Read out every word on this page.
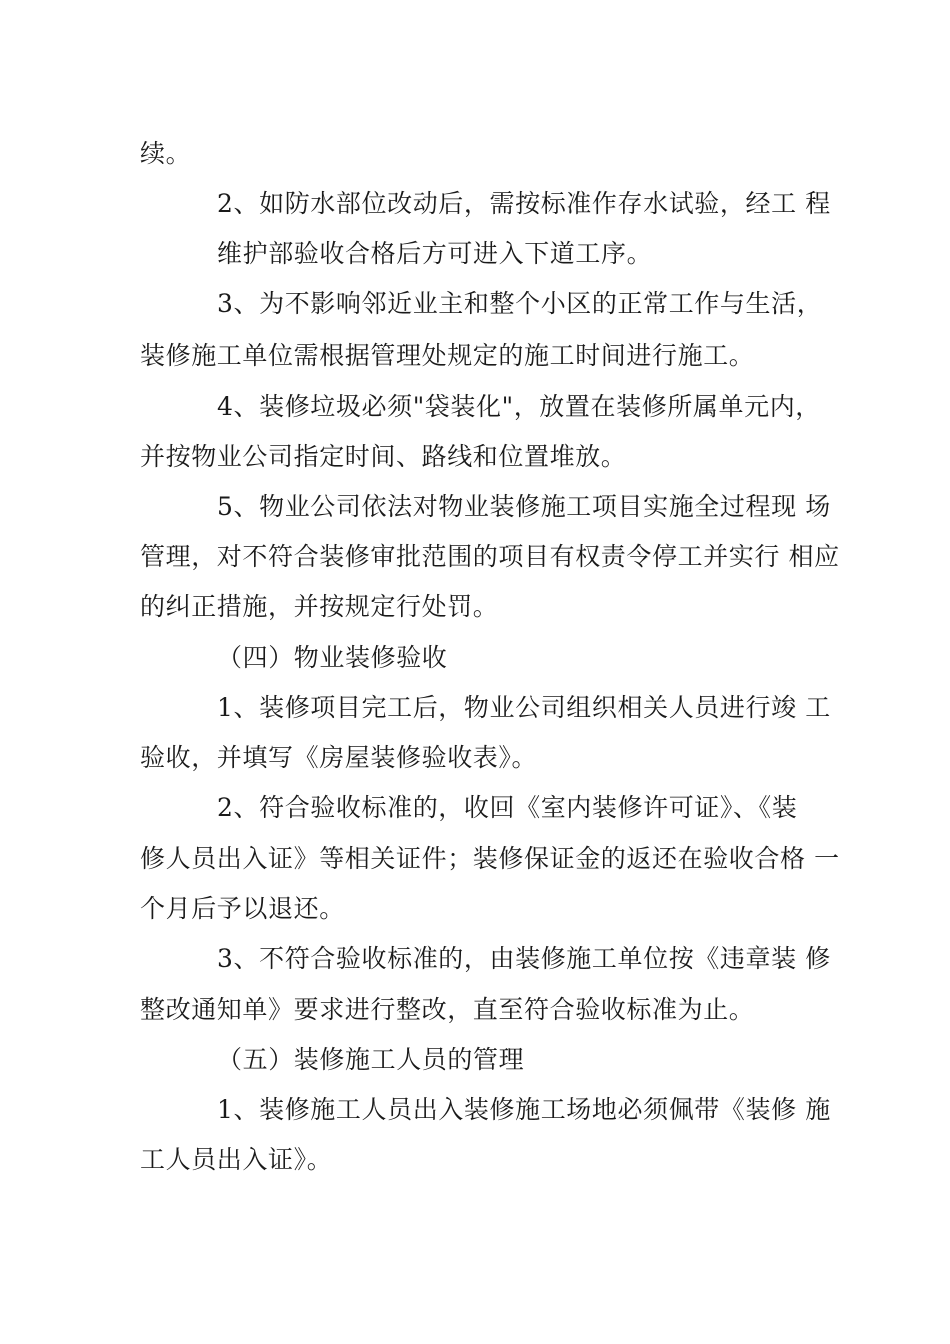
续。
2、如防水部位改动后，需按标准作存水试验，经工 程
维护部验收合格后方可进入下道工序。
3、为不影响邻近业主和整个小区的正常工作与生活，
装修施工单位需根据管理处规定的施工时间进行施工。
4、装修垃圾必须"袋装化"，放置在装修所属单元内，
并按物业公司指定时间、路线和位置堆放。
5、物业公司依法对物业装修施工项目实施全过程现 场
管理，对不符合装修审批范围的项目有权责令停工并实行 相应
的纠正措施，并按规定行处罚。
（四）物业装修验收
1、装修项目完工后，物业公司组织相关人员进行竣 工
验收，并填写《房屋装修验收表》。
2、符合验收标准的，收回《室内装修许可证》、《装
修人员出入证》等相关证件；装修保证金的返还在验收合格 一
个月后予以退还。
3、不符合验收标准的，由装修施工单位按《违章装 修
整改通知单》要求进行整改，直至符合验收标准为止。
（五）装修施工人员的管理
1、装修施工人员出入装修施工场地必须佩带《装修 施
工人员出入证》。
